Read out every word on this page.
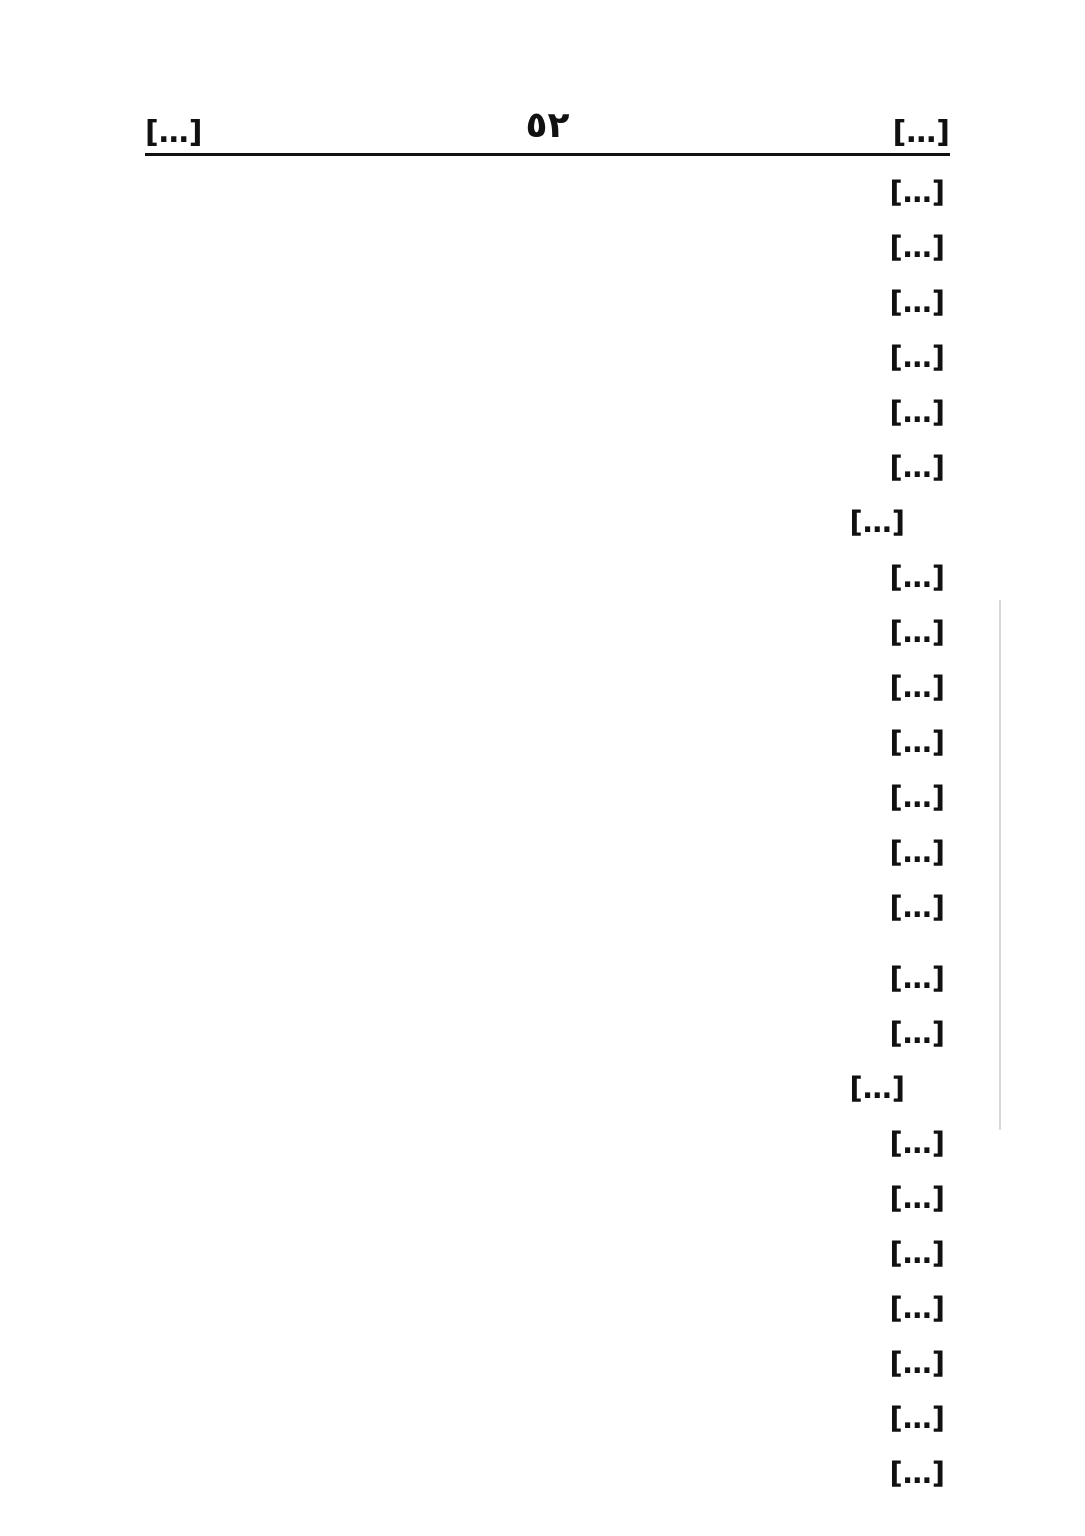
[…]
٥٢
[…]
[…]
[…]
[…]
[…]
[…]
[…]
[…]
[…]
[…]
[…]
[…]
[…]
[…]
[…]
[…]
[…]
[…]
[…]
[…]
[…]
[…]
[…]
[…]
[…]
